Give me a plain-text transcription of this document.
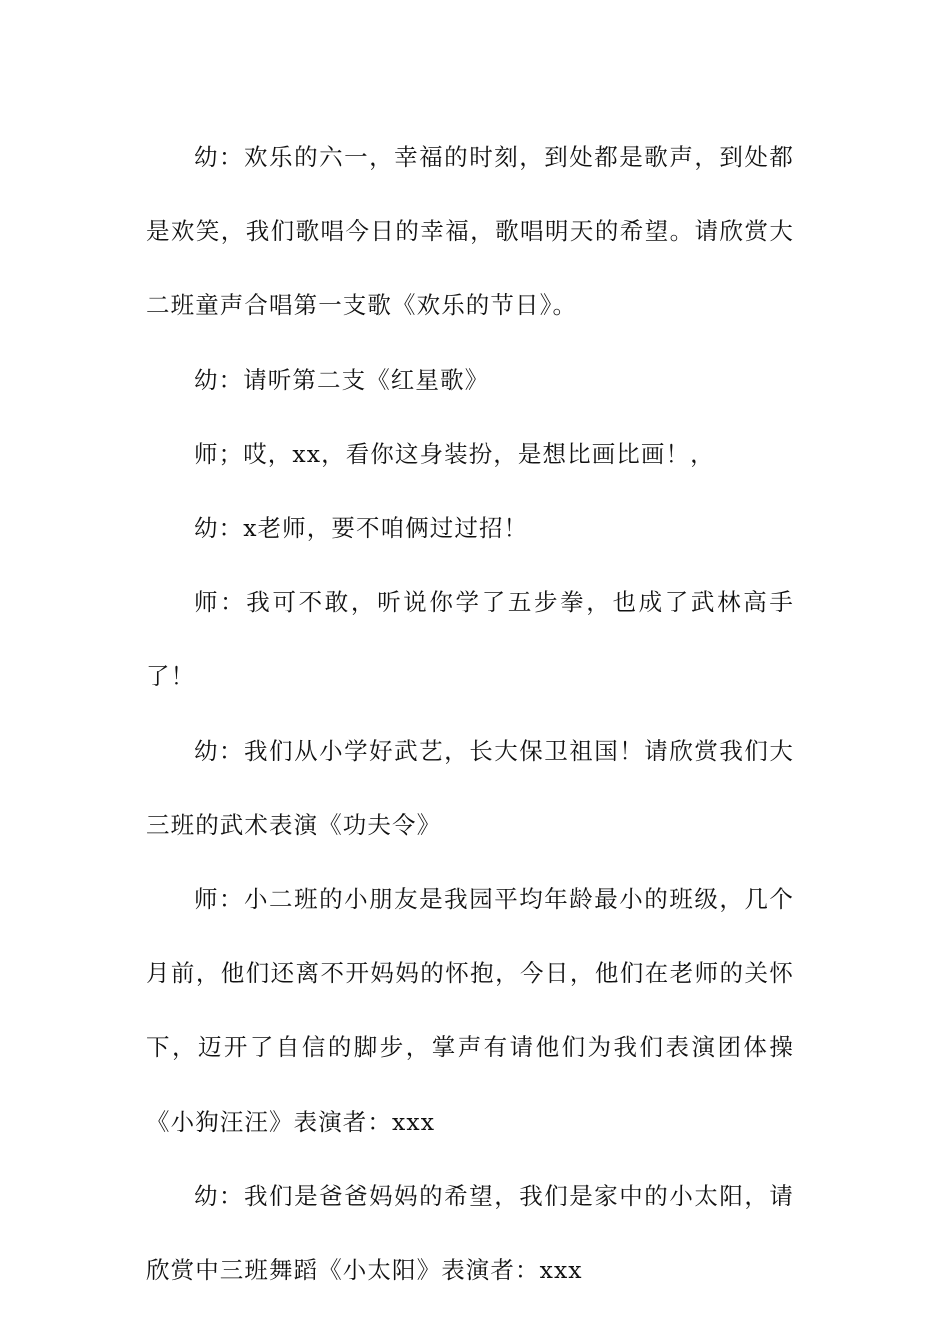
幼：欢乐的六一，幸福的时刻，到处都是歌声，到处都是欢笑，我们歌唱今日的幸福，歌唱明天的希望。请欣赏大二班童声合唱第一支歌《欢乐的节日》。

幼：请听第二支《红星歌》

师；哎，xx，看你这身装扮，是想比画比画！，

幼：x老师，要不咱俩过过招！

师：我可不敢，听说你学了五步拳，也成了武林高手了！

幼：我们从小学好武艺，长大保卫祖国！请欣赏我们大三班的武术表演《功夫令》

师：小二班的小朋友是我园平均年龄最小的班级，几个月前，他们还离不开妈妈的怀抱，今日，他们在老师的关怀下，迈开了自信的脚步，掌声有请他们为我们表演团体操《小狗汪汪》表演者：xxx

幼：我们是爸爸妈妈的希望，我们是家中的小太阳，请欣赏中三班舞蹈《小太阳》表演者：xxx
